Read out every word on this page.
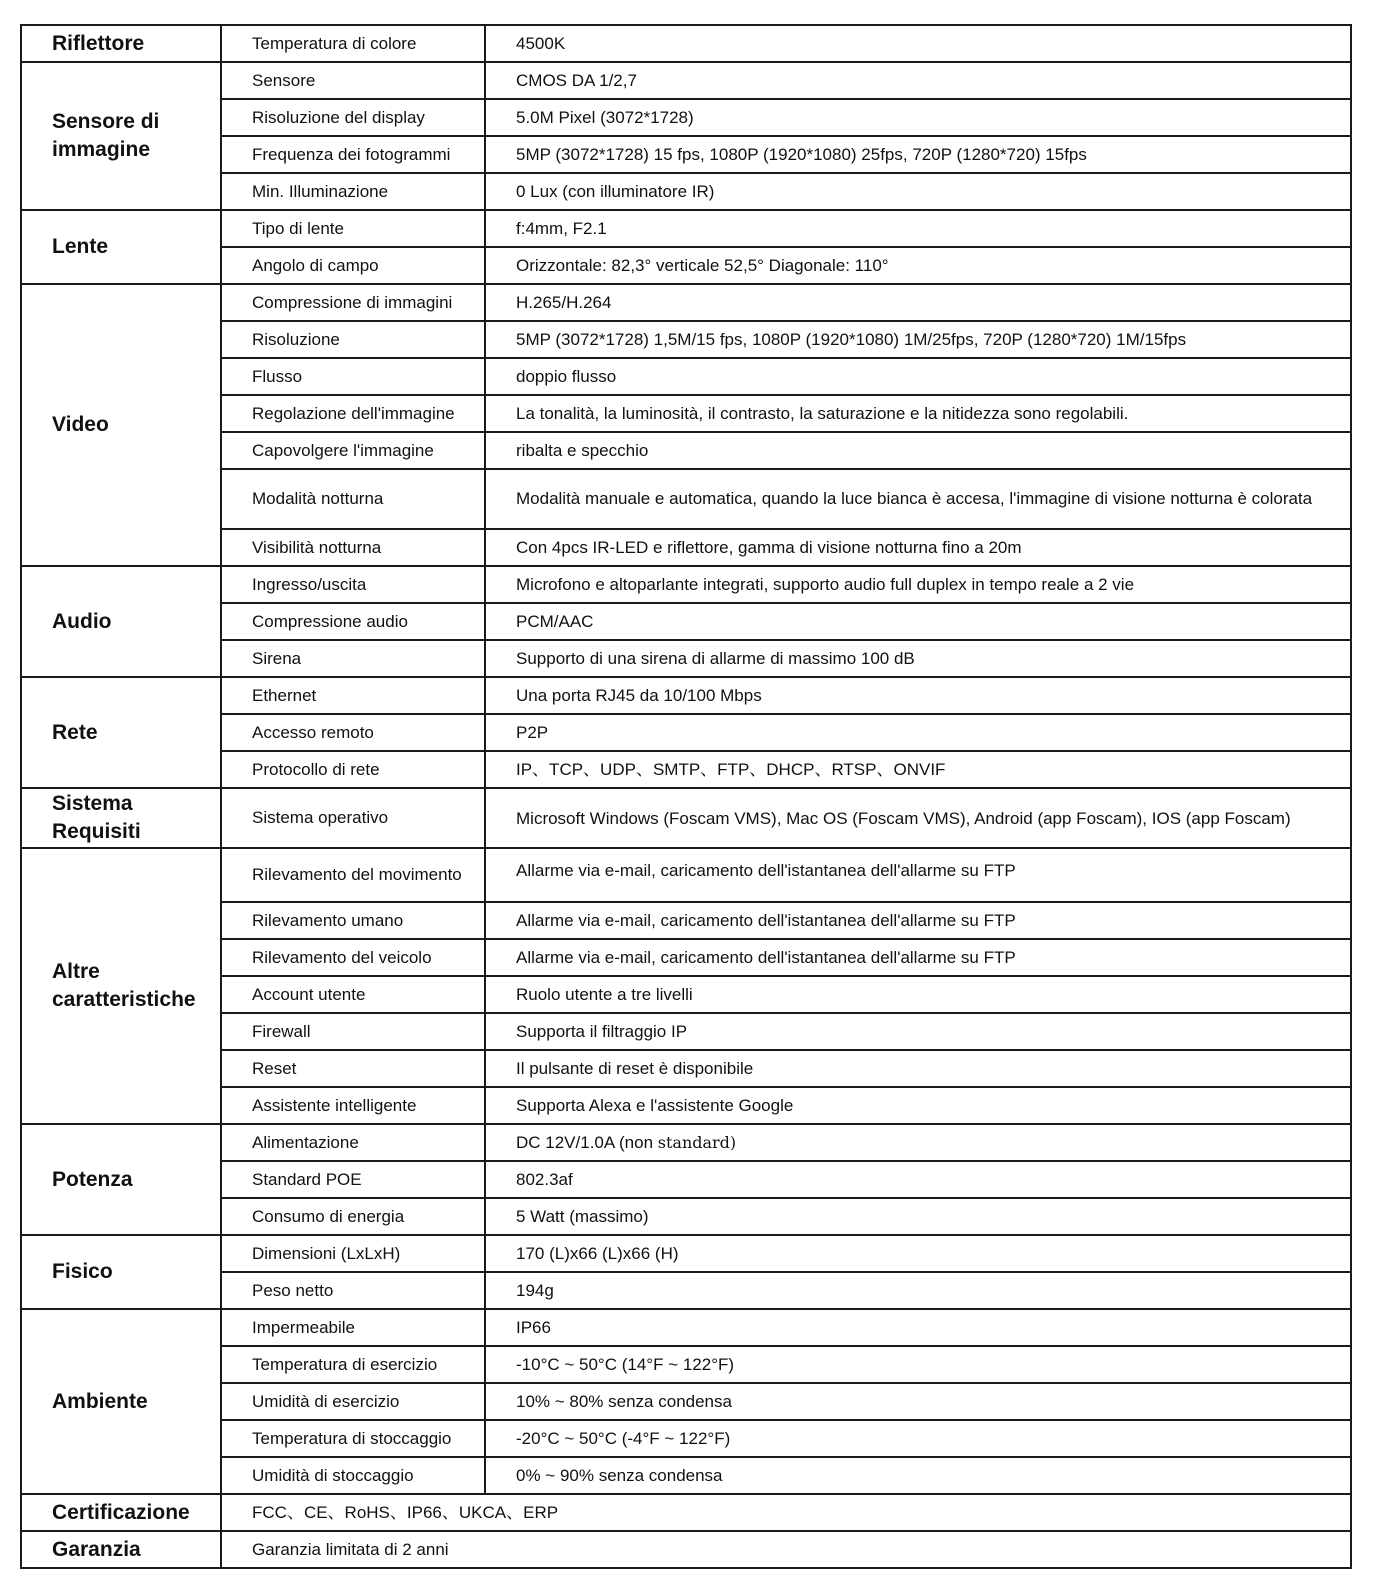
Riflettore	Temperatura di colore	4500K
Sensore di immagine	Sensore	CMOS DA 1/2,7
	Risoluzione del display	5.0M Pixel (3072*1728)
	Frequenza dei fotogrammi	5MP (3072*1728) 15 fps, 1080P (1920*1080) 25fps, 720P (1280*720) 15fps
	Min. Illuminazione	0 Lux (con illuminatore IR)
Lente	Tipo di lente	f:4mm, F2.1
	Angolo di campo	Orizzontale: 82,3° verticale 52,5° Diagonale: 110°
Video	Compressione di immagini	H.265/H.264
	Risoluzione	5MP (3072*1728) 1,5M/15 fps, 1080P (1920*1080) 1M/25fps, 720P (1280*720) 1M/15fps
	Flusso	doppio flusso
	Regolazione dell'immagine	La tonalità, la luminosità, il contrasto, la saturazione e la nitidezza sono regolabili.
	Capovolgere l'immagine	ribalta e specchio
	Modalità notturna	Modalità manuale e automatica, quando la luce bianca è accesa, l'immagine di visione notturna è colorata
	Visibilità notturna	Con 4pcs IR-LED e riflettore, gamma di visione notturna fino a 20m
Audio	Ingresso/uscita	Microfono e altoparlante integrati, supporto audio full duplex in tempo reale a 2 vie
	Compressione audio	PCM/AAC
	Sirena	Supporto di una sirena di allarme di massimo 100 dB
Rete	Ethernet	Una porta RJ45 da 10/100 Mbps
	Accesso remoto	P2P
	Protocollo di rete	IP、TCP、UDP、SMTP、FTP、DHCP、RTSP、ONVIF
Sistema Requisiti	Sistema operativo	Microsoft Windows (Foscam VMS), Mac OS (Foscam VMS), Android (app Foscam), IOS (app Foscam)
Altre caratteristiche	Rilevamento del movimento	Allarme via e-mail, caricamento dell'istantanea dell'allarme su FTP
	Rilevamento umano	Allarme via e-mail, caricamento dell'istantanea dell'allarme su FTP
	Rilevamento del veicolo	Allarme via e-mail, caricamento dell'istantanea dell'allarme su FTP
	Account utente	Ruolo utente a tre livelli
	Firewall	Supporta il filtraggio IP
	Reset	Il pulsante di reset è disponibile
	Assistente intelligente	Supporta Alexa e l'assistente Google
Potenza	Alimentazione	DC 12V/1.0A (non standard)
	Standard POE	802.3af
	Consumo di energia	5 Watt (massimo)
Fisico	Dimensioni (LxLxH)	170 (L)x66 (L)x66 (H)
	Peso netto	194g
Ambiente	Impermeabile	IP66
	Temperatura di esercizio	-10°C ~ 50°C (14°F ~ 122°F)
	Umidità di esercizio	10% ~ 80% senza condensa
	Temperatura di stoccaggio	-20°C ~ 50°C (-4°F ~ 122°F)
	Umidità di stoccaggio	0% ~ 90% senza condensa
Certificazione	FCC、CE、RoHS、IP66、UKCA、ERP	
Garanzia	Garanzia limitata di 2 anni	
